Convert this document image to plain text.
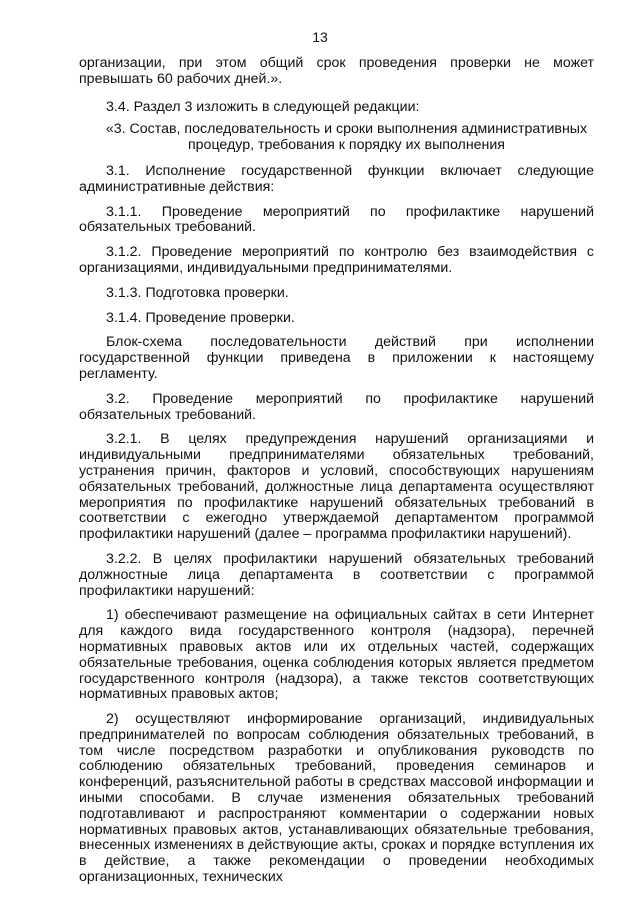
13

организации, при этом общий срок проведения проверки не может превышать 60 рабочих дней.».

3.4. Раздел 3 изложить в следующей редакции:

«3. Состав, последовательность и сроки выполнения административных процедур, требования к порядку их выполнения

3.1. Исполнение государственной функции включает следующие административные действия:

3.1.1. Проведение мероприятий по профилактике нарушений обязательных требований.

3.1.2. Проведение мероприятий по контролю без взаимодействия с организациями, индивидуальными предпринимателями.

3.1.3. Подготовка проверки.

3.1.4. Проведение проверки.

Блок-схема последовательности действий при исполнении государственной функции приведена в приложении к настоящему регламенту.

3.2. Проведение мероприятий по профилактике нарушений обязательных требований.

3.2.1. В целях предупреждения нарушений организациями и индивидуальными предпринимателями обязательных требований, устранения причин, факторов и условий, способствующих нарушениям обязательных требований, должностные лица департамента осуществляют мероприятия по профилактике нарушений обязательных требований в соответствии с ежегодно утверждаемой департаментом программой профилактики нарушений (далее – программа профилактики нарушений).

3.2.2. В целях профилактики нарушений обязательных требований должностные лица департамента в соответствии с программой профилактики нарушений:

1) обеспечивают размещение на официальных сайтах в сети Интернет для каждого вида государственного контроля (надзора), перечней нормативных правовых актов или их отдельных частей, содержащих обязательные требования, оценка соблюдения которых является предметом государственного контроля (надзора), а также текстов соответствующих нормативных правовых актов;

2) осуществляют информирование организаций, индивидуальных предпринимателей по вопросам соблюдения обязательных требований, в том числе посредством разработки и опубликования руководств по соблюдению обязательных требований, проведения семинаров и конференций, разъяснительной работы в средствах массовой информации и иными способами. В случае изменения обязательных требований подготавливают и распространяют комментарии о содержании новых нормативных правовых актов, устанавливающих обязательные требования, внесенных изменениях в действующие акты, сроках и порядке вступления их в действие, а также рекомендации о проведении необходимых организационных, технических
